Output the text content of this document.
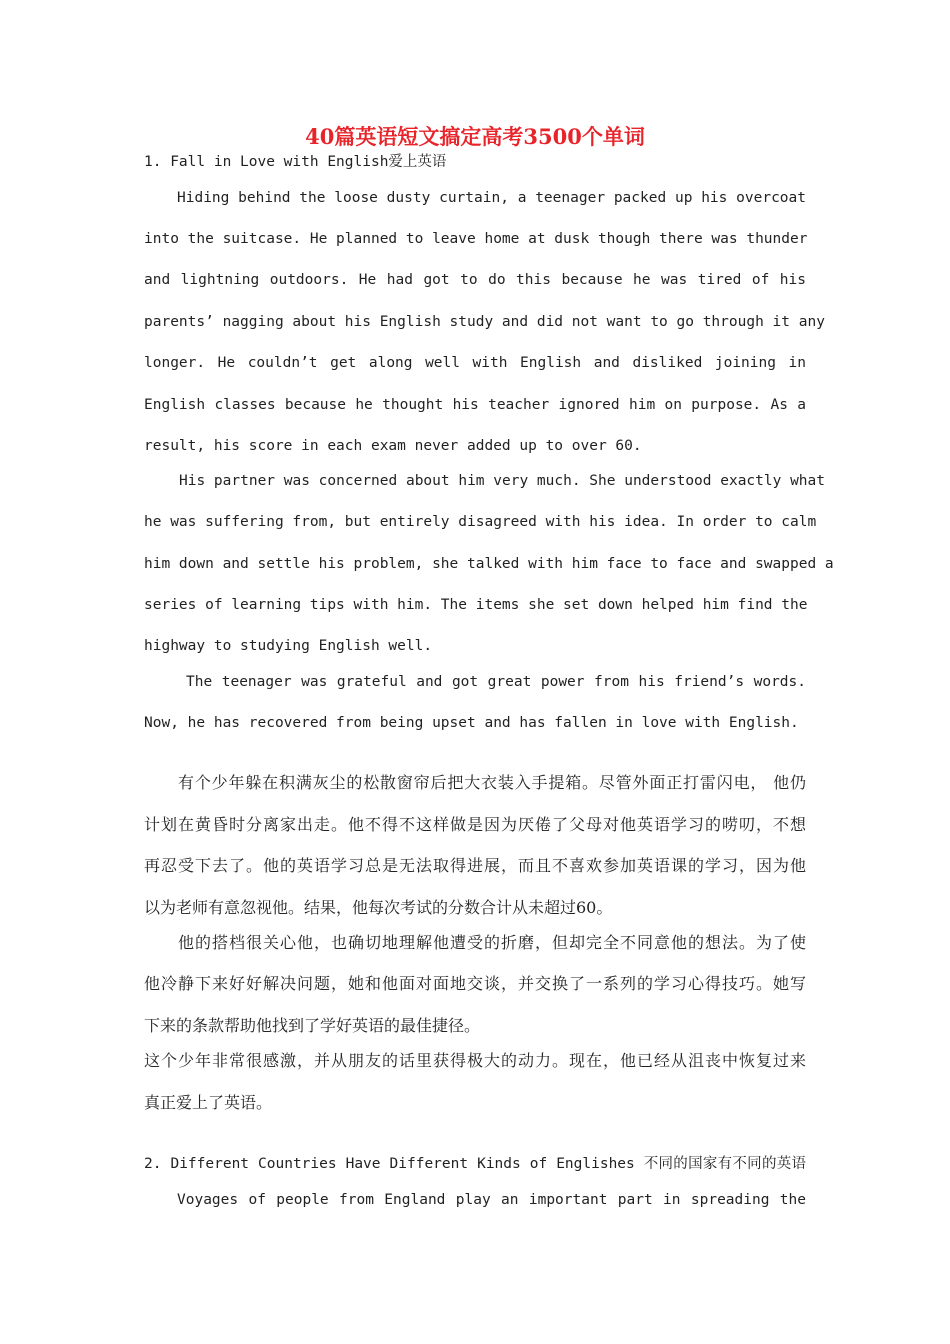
40篇英语短文搞定高考3500个单词
1. Fall in Love with English爱上英语
Hiding behind the loose dusty curtain, a teenager packed up his overcoat
into the suitcase. He planned to leave home at dusk though there was thunder
and lightning outdoors. He had got to do this because he was tired of his
parents’ nagging about his English study and did not want to go through it any
longer. He couldn’t get along well with English and disliked joining in
English classes because he thought his teacher ignored him on purpose. As a
result, his score in each exam never added up to over 60.
His partner was concerned about him very much. She understood exactly what
he was suffering from, but entirely disagreed with his idea. In order to calm
him down and settle his problem, she talked with him face to face and swapped a
series of learning tips with him. The items she set down helped him find the
highway to studying English well.
The teenager was grateful and got great power from his friend’s words.
Now, he has recovered from being upset and has fallen in love with English.
有个少年躲在积满灰尘的松散窗帘后把大衣装入手提箱。尽管外面正打雷闪电， 他仍
计划在黄昏时分离家出走。他不得不这样做是因为厌倦了父母对他英语学习的唠叨，不想
再忍受下去了。他的英语学习总是无法取得进展，而且不喜欢参加英语课的学习，因为他
以为老师有意忽视他。结果，他每次考试的分数合计从未超过60。
他的搭档很关心他，也确切地理解他遭受的折磨，但却完全不同意他的想法。为了使
他冷静下来好好解决问题，她和他面对面地交谈，并交换了一系列的学习心得技巧。她写
下来的条款帮助他找到了学好英语的最佳捷径。
这个少年非常很感激，并从朋友的话里获得极大的动力。现在，他已经从沮丧中恢复过来
真正爱上了英语。
2. Different Countries Have Different Kinds of Englishes 不同的国家有不同的英语
Voyages of people from England play an important part in spreading the
